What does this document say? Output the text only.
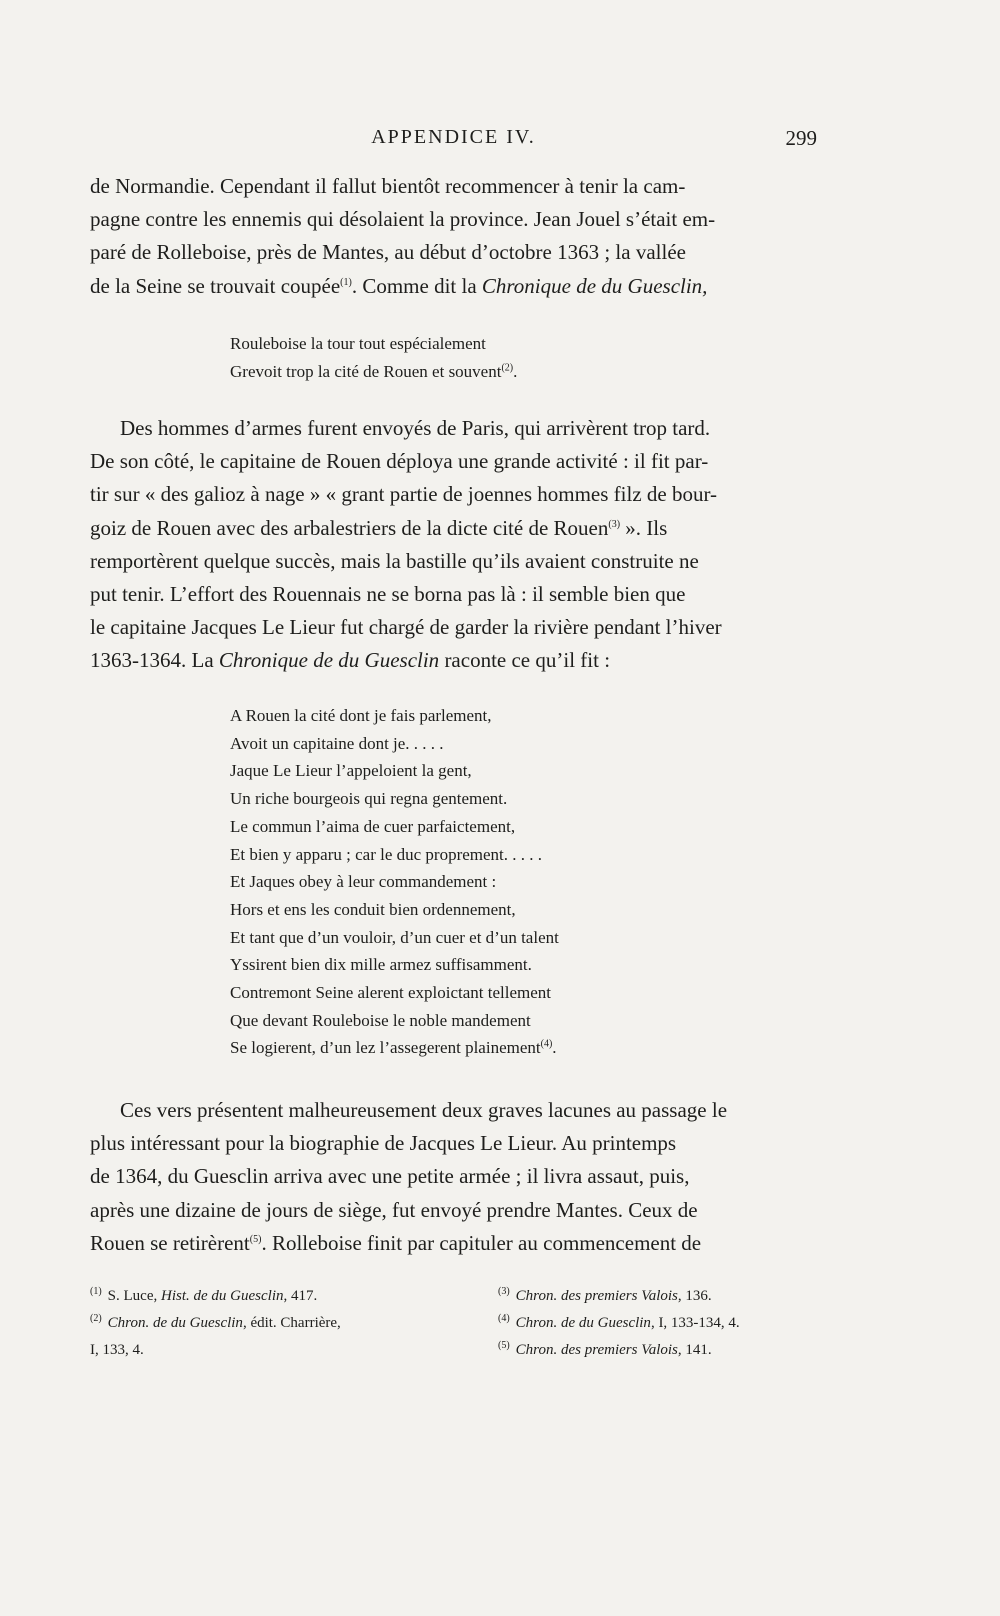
APPENDICE IV.	299

de Normandie. Cependant il fallut bientôt recommencer à tenir la cam-

pagne contre les ennemis qui désolaient la province. Jean Jouel s’était em-

paré de Rolleboise, près de Mantes, au début d’octobre 1363 ; la vallée

de la Seine se trouvait coupée$^{(1)}$. Comme dit la Chronique de du Guesclin,

Rouleboise la tour tout espécialement
Grevoit trop la cité de Rouen et souvent$^{(2)}$.

Des hommes d’armes furent envoyés de Paris, qui arrivèrent trop tard.

De son côté, le capitaine de Rouen déploya une grande activité : il fit par-

tir sur « des galioz à nage » « grant partie de joennes hommes filz de bour-

goiz de Rouen avec des arbalestriers de la dicte cité de Rouen$^{(3)}$ ». Ils

remportèrent quelque succès, mais la bastille qu’ils avaient construite ne

put tenir. L’effort des Rouennais ne se borna pas là : il semble bien que

le capitaine Jacques Le Lieur fut chargé de garder la rivière pendant l’hiver

1363-1364. La Chronique de du Guesclin raconte ce qu’il fit :

A Rouen la cité dont je fais parlement,
Avoit un capitaine dont je. . . . .
Jaque Le Lieur l’appeloient la gent,
Un riche bourgeois qui regna gentement.
Le commun l’aima de cuer parfaictement,
Et bien y apparu ; car le duc proprement. . . . .
Et Jaques obey à leur commandement :
Hors et ens les conduit bien ordennement,
Et tant que d’un vouloir, d’un cuer et d’un talent
Yssirent bien dix mille armez suffisamment.
Contremont Seine alerent exploictant tellement
Que devant Rouleboise le noble mandement
Se logierent, d’un lez l’assegerent plainement$^{(4)}$.

Ces vers présentent malheureusement deux graves lacunes au passage le

plus intéressant pour la biographie de Jacques Le Lieur. Au printemps

de 1364, du Guesclin arriva avec une petite armée ; il livra assaut, puis,

après une dizaine de jours de siège, fut envoyé prendre Mantes. Ceux de

Rouen se retirèrent$^{(5)}$. Rolleboise finit par capituler au commencement de

$^{(1)}$ S. Luce, Hist. de du Guesclin, 417.
$^{(2)}$ Chron. de du Guesclin, édit. Charrière,
I, 133, 4.
$^{(3)}$ Chron. des premiers Valois, 136.
$^{(4)}$ Chron. de du Guesclin, I, 133-134, 4.
$^{(5)}$ Chron. des premiers Valois, 141.
